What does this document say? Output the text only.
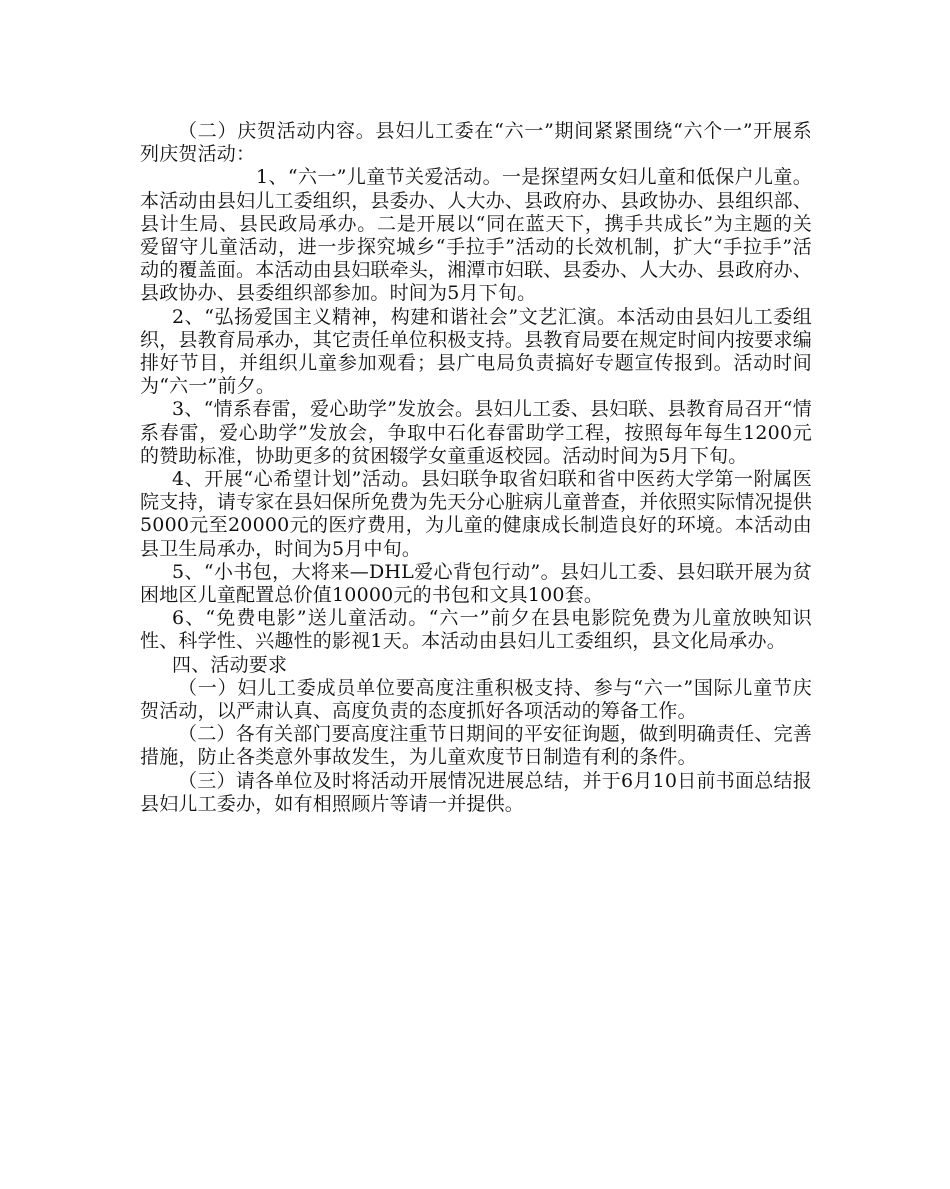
（二）庆贺活动内容。县妇儿工委在“六一”期间紧紧围绕“六个一”开展系列庆贺活动：

1、“六一”儿童节关爱活动。一是探望两女妇儿童和低保户儿童。本活动由县妇儿工委组织，县委办、人大办、县政府办、县政协办、县组织部、县计生局、县民政局承办。二是开展以“同在蓝天下，携手共成长”为主题的关爱留守儿童活动，进一步探究城乡“手拉手”活动的长效机制，扩大“手拉手”活动的覆盖面。本活动由县妇联牵头，湘潭市妇联、县委办、人大办、县政府办、县政协办、县委组织部参加。时间为5月下旬。

2、“弘扬爱国主义精神，构建和谐社会”文艺汇演。本活动由县妇儿工委组织，县教育局承办，其它责任单位积极支持。县教育局要在规定时间内按要求编排好节目，并组织儿童参加观看；县广电局负责搞好专题宣传报到。活动时间为“六一”前夕。

3、“情系春雷，爱心助学”发放会。县妇儿工委、县妇联、县教育局召开“情系春雷，爱心助学”发放会，争取中石化春雷助学工程，按照每年每生1200元的赞助标准，协助更多的贫困辍学女童重返校园。活动时间为5月下旬。

4、开展“心希望计划”活动。县妇联争取省妇联和省中医药大学第一附属医院支持，请专家在县妇保所免费为先天分心脏病儿童普查，并依照实际情况提供5000元至20000元的医疗费用，为儿童的健康成长制造良好的环境。本活动由县卫生局承办，时间为5月中旬。

5、“小书包，大将来—DHL爱心背包行动”。县妇儿工委、县妇联开展为贫困地区儿童配置总价值10000元的书包和文具100套。

6、“免费电影”送儿童活动。“六一”前夕在县电影院免费为儿童放映知识性、科学性、兴趣性的影视1天。本活动由县妇儿工委组织，县文化局承办。

四、活动要求

（一）妇儿工委成员单位要高度注重积极支持、参与“六一”国际儿童节庆贺活动，以严肃认真、高度负责的态度抓好各项活动的筹备工作。

（二）各有关部门要高度注重节日期间的平安征询题，做到明确责任、完善措施，防止各类意外事故发生，为儿童欢度节日制造有利的条件。

（三）请各单位及时将活动开展情况进展总结，并于6月10日前书面总结报县妇儿工委办，如有相照顾片等请一并提供。
